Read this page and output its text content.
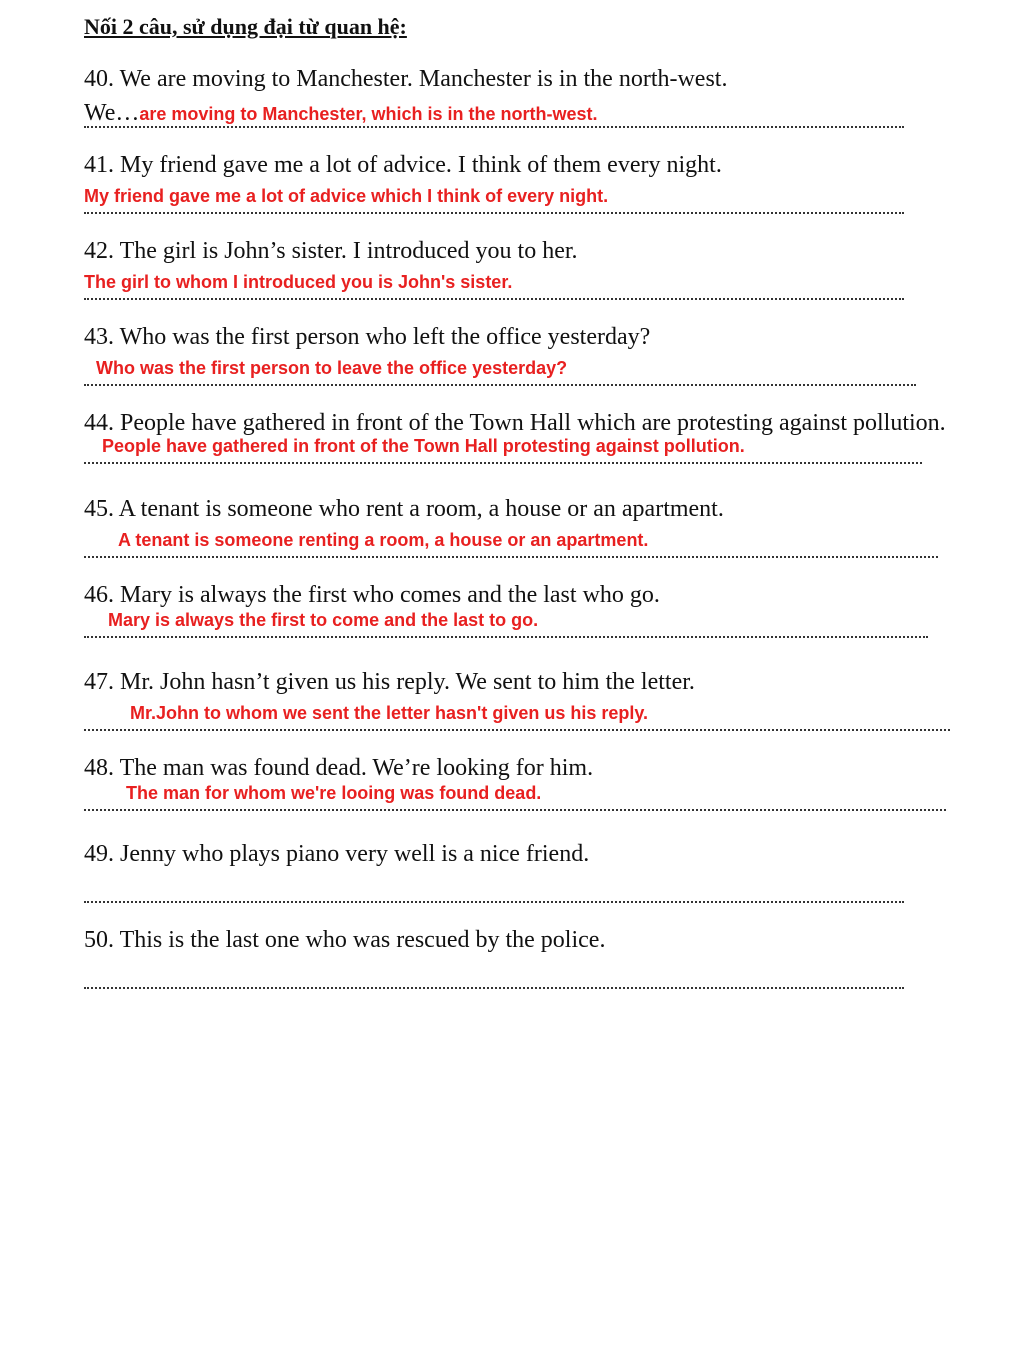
Nối 2 câu, sử dụng đại từ quan hệ:
40. We are moving to Manchester. Manchester is in the north-west.
We…are moving to Manchester, which is in the north-west.
41. My friend gave me a lot of advice. I think of them every night.
My friend gave me a lot of advice which I think of every night.
42. The girl is John’s sister. I introduced you to her.
The girl to whom I introduced you is John's sister.
43. Who was the first person who left the office yesterday?
Who was the first person to leave the office yesterday?
44. People have gathered in front of the Town Hall which are protesting against pollution.
People have gathered in front of the Town Hall protesting against pollution.
45. A tenant is someone who rent a room, a house or an apartment.
A tenant is someone renting a room, a house or an apartment.
46. Mary is always the first who comes and the last who go.
Mary is always the first to come and the last to go.
47. Mr. John hasn’t given us his reply. We sent to him the letter.
Mr.John to whom we sent the letter hasn't given us his reply.
48. The man was found dead. We’re looking for him.
The man for whom we're looing was found dead.
49. Jenny who plays piano very well is a nice friend.
50. This is the last one who was rescued by the police.
